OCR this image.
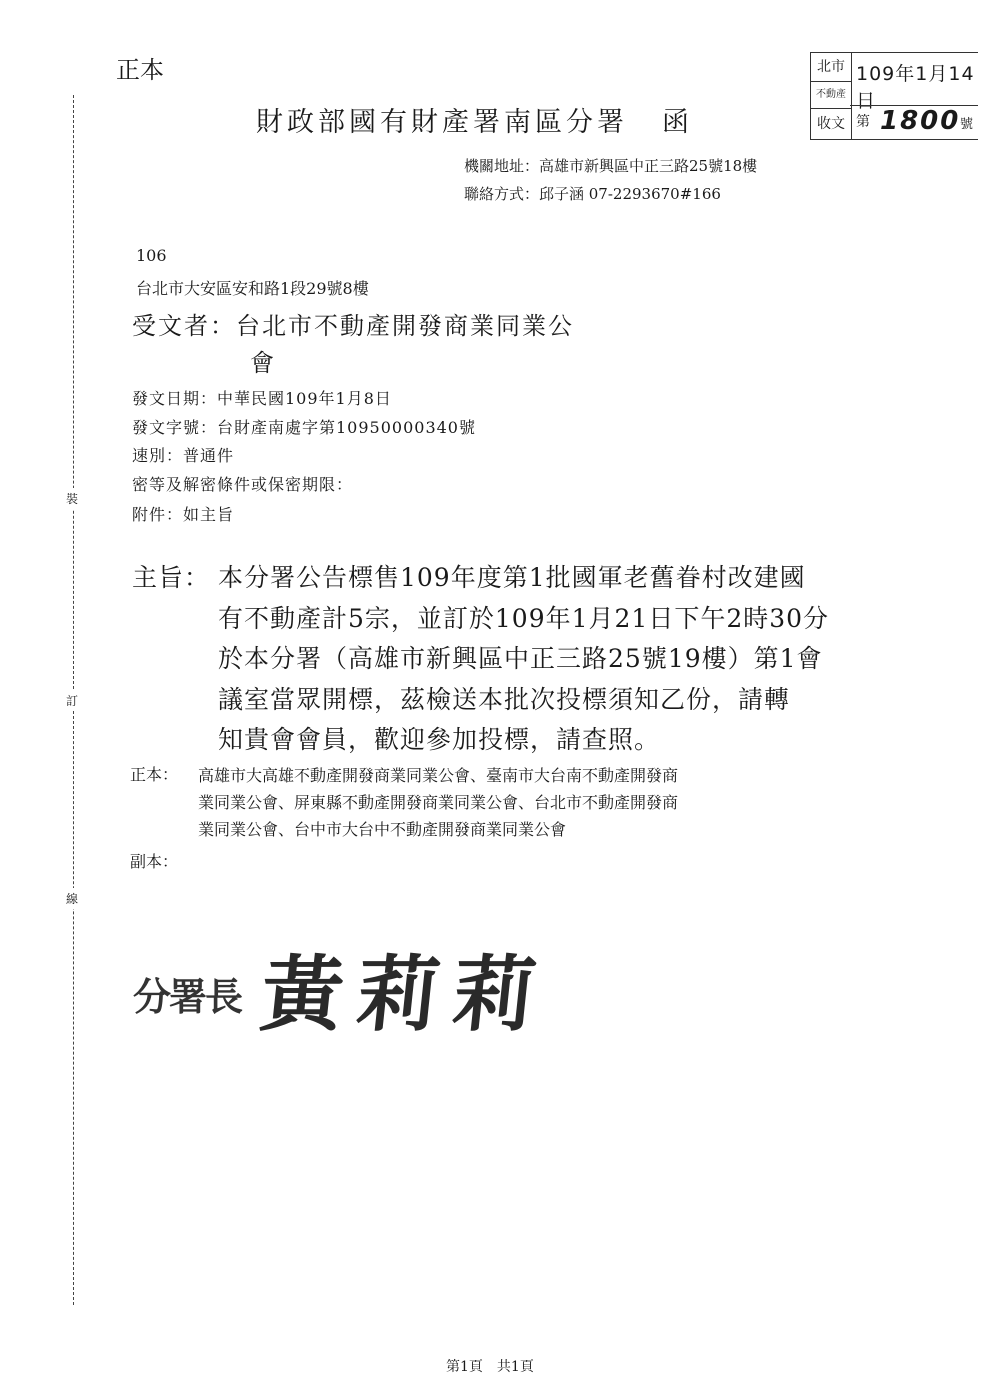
裝
訂
線
正本
財政部國有財產署南區分署 函
北市
不動產
收文
109年1月14日
第 1800 號
機關地址：高雄市新興區中正三路25號18樓
聯絡方式：邱子涵 07-2293670#166
106
台北市大安區安和路1段29號8樓
受文者：台北市不動產開發商業同業公
會
發文日期：中華民國109年1月8日
發文字號：台財產南處字第10950000340號
速別：普通件
密等及解密條件或保密期限：
附件：如主旨
主旨： 本分署公告標售109年度第1批國軍老舊眷村改建國
有不動產計5宗，並訂於109年1月21日下午2時30分
於本分署（高雄市新興區中正三路25號19樓）第1會
議室當眾開標，茲檢送本批次投標須知乙份，請轉
知貴會會員，歡迎參加投標，請查照。
正本： 高雄市大高雄不動產開發商業同業公會、臺南市大台南不動產開發商
業同業公會、屏東縣不動產開發商業同業公會、台北市不動產開發商
業同業公會、台中市大台中不動產開發商業同業公會
副本：
分署長 黃莉莉
第1頁 共1頁
